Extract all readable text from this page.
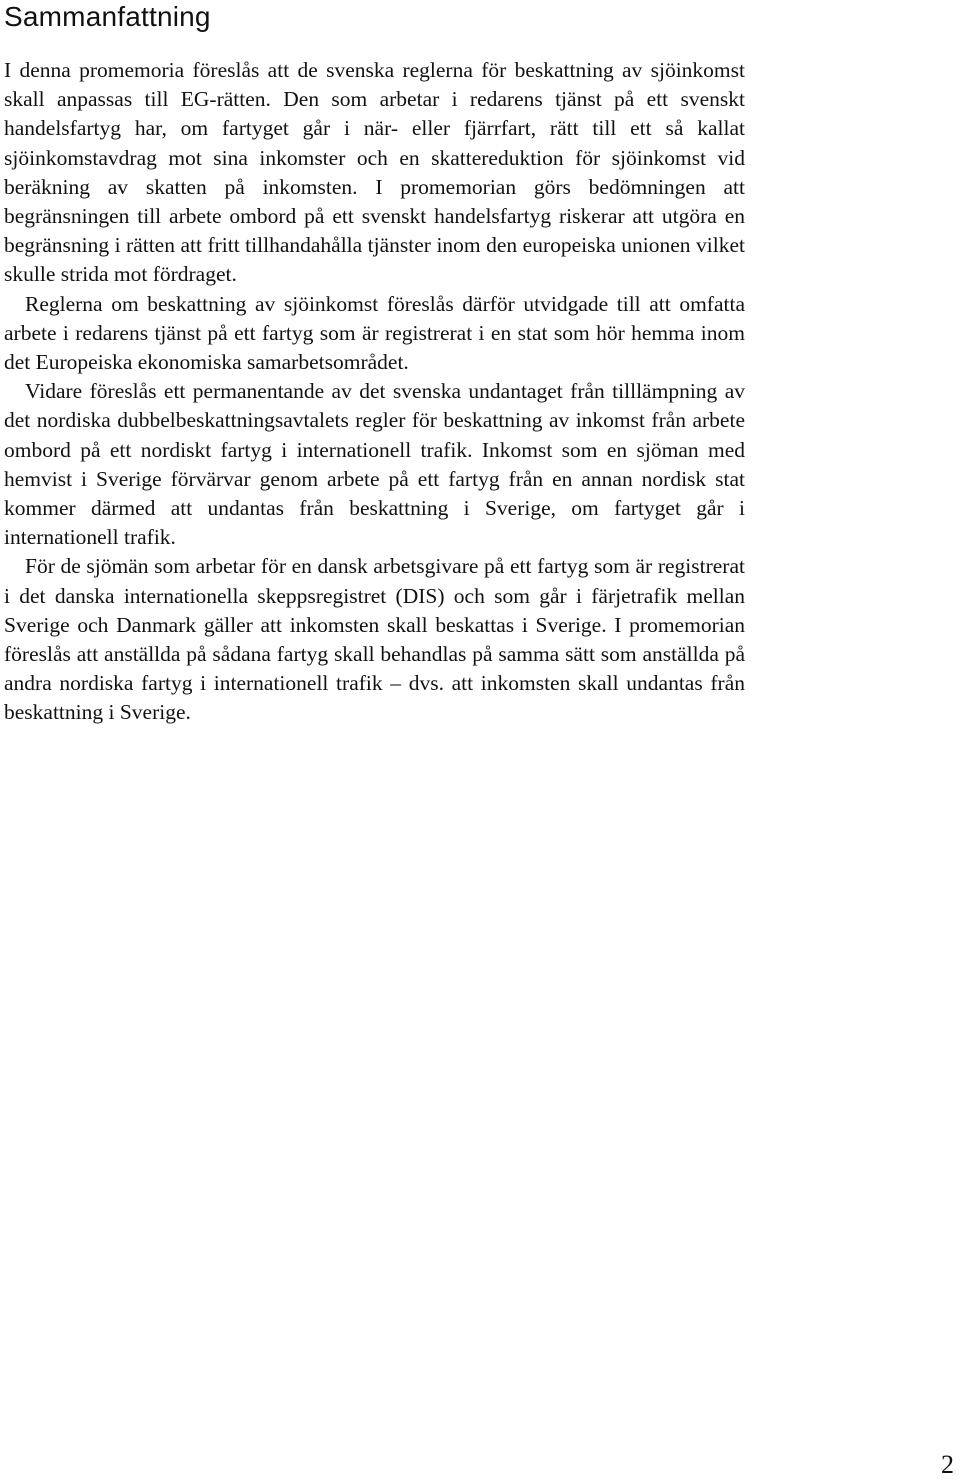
Sammanfattning

I denna promemoria föreslås att de svenska reglerna för beskattning av sjöinkomst skall anpassas till EG-rätten. Den som arbetar i redarens tjänst på ett svenskt handelsfartyg har, om fartyget går i när- eller fjärrfart, rätt till ett så kallat sjöinkomstavdrag mot sina inkomster och en skattereduktion för sjöinkomst vid beräkning av skatten på inkomsten. I promemorian görs bedömningen att begränsningen till arbete ombord på ett svenskt handelsfartyg riskerar att utgöra en begränsning i rätten att fritt tillhandahålla tjänster inom den europeiska unionen vilket skulle strida mot fördraget.

Reglerna om beskattning av sjöinkomst föreslås därför utvidgade till att omfatta arbete i redarens tjänst på ett fartyg som är registrerat i en stat som hör hemma inom det Europeiska ekonomiska samarbetsområdet.

Vidare föreslås ett permanentande av det svenska undantaget från tilllämpning av det nordiska dubbelbeskattningsavtalets regler för beskattning av inkomst från arbete ombord på ett nordiskt fartyg i internationell trafik. Inkomst som en sjöman med hemvist i Sverige förvärvar genom arbete på ett fartyg från en annan nordisk stat kommer därmed att undantas från beskattning i Sverige, om fartyget går i internationell trafik.

För de sjömän som arbetar för en dansk arbetsgivare på ett fartyg som är registrerat i det danska internationella skeppsregistret (DIS) och som går i färjetrafik mellan Sverige och Danmark gäller att inkomsten skall beskattas i Sverige. I promemorian föreslås att anställda på sådana fartyg skall behandlas på samma sätt som anställda på andra nordiska fartyg i internationell trafik – dvs. att inkomsten skall undantas från beskattning i Sverige.

2
